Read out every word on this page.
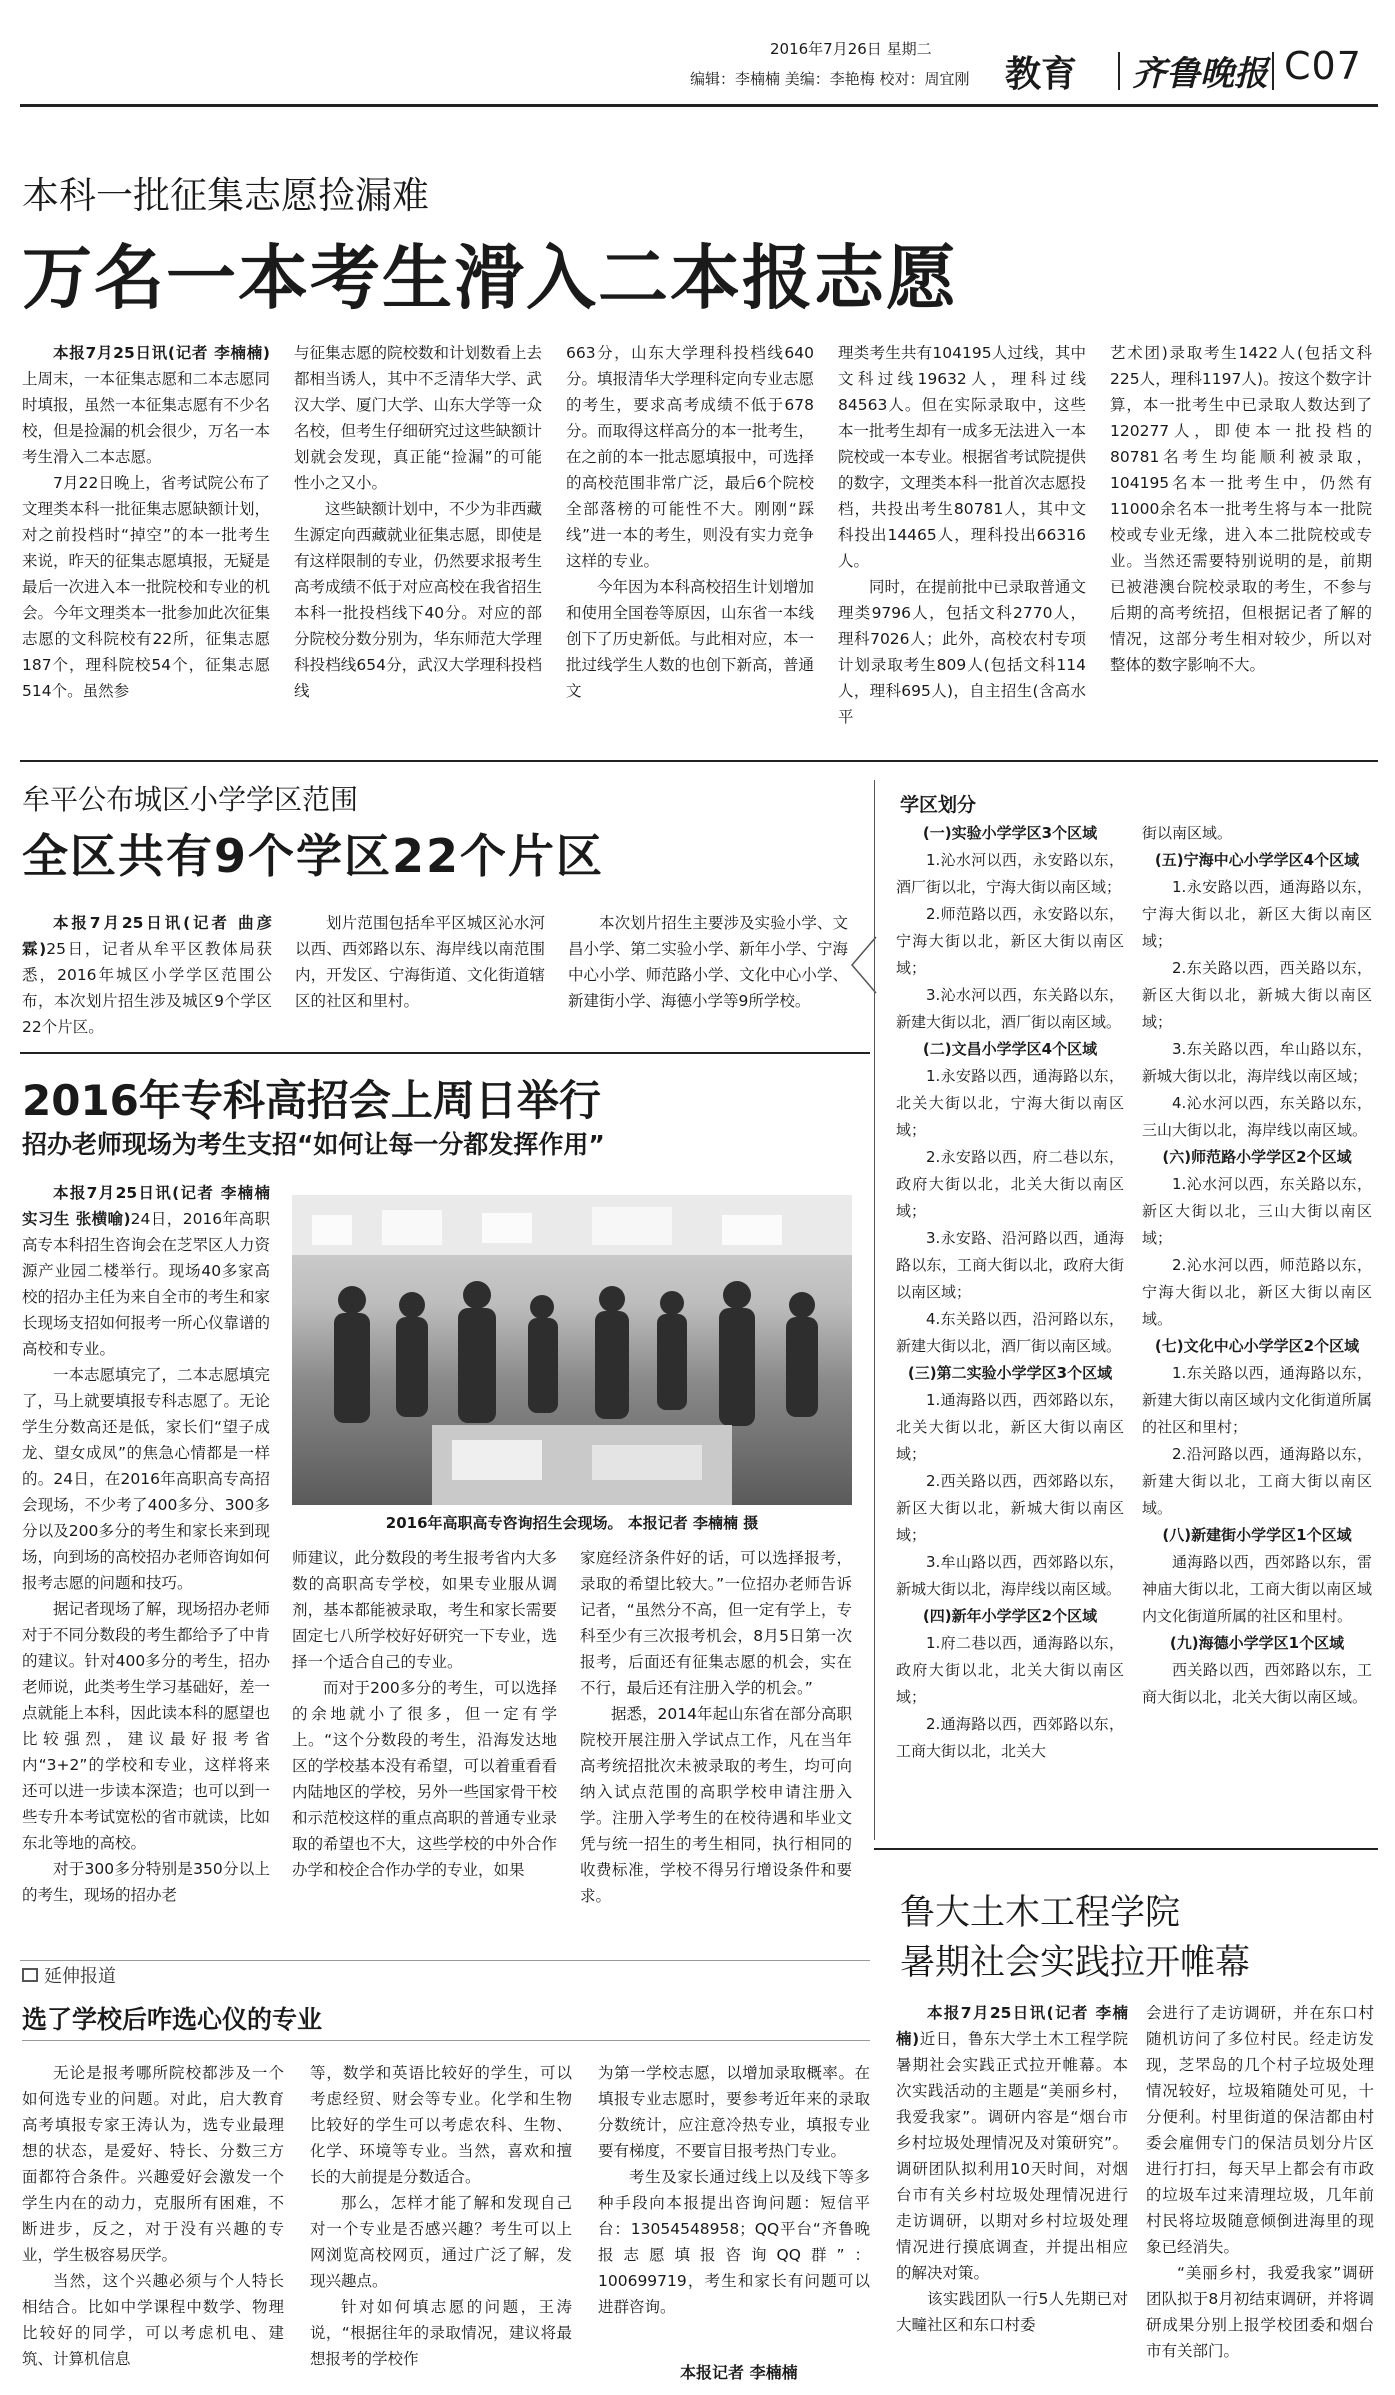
2016年7月26日 星期二
编辑：李楠楠 美编：李艳梅 校对：周宜刚 教育 齐鲁晚报 C07
本科一批征集志愿捡漏难
万名一本考生滑入二本报志愿

本报7月25日讯(记者 李楠楠)上周末，一本征集志愿和二本志愿同时填报，虽然一本征集志愿有不少名校，但是捡漏的机会很少，万名一本考生滑入二本志愿。

7月22日晚上，省考试院公布了文理类本科一批征集志愿缺额计划，对之前投档时“掉空”的本一批考生来说，昨天的征集志愿填报，无疑是最后一次进入本一批院校和专业的机会。今年文理类本一批参加此次征集志愿的文科院校有22所，征集志愿187个，理科院校54个，征集志愿514个。虽然参

与征集志愿的院校数和计划数看上去都相当诱人，其中不乏清华大学、武汉大学、厦门大学、山东大学等一众名校，但考生仔细研究过这些缺额计划就会发现，真正能“捡漏”的可能性小之又小。

这些缺额计划中，不少为非西藏生源定向西藏就业征集志愿，即使是有这样限制的专业，仍然要求报考生高考成绩不低于对应高校在我省招生本科一批投档线下40分。对应的部分院校分数分别为，华东师范大学理科投档线654分，武汉大学理科投档线

663分，山东大学理科投档线640分。填报清华大学理科定向专业志愿的考生，要求高考成绩不低于678分。而取得这样高分的本一批考生，在之前的本一批志愿填报中，可选择的高校范围非常广泛，最后6个院校全部落榜的可能性不大。刚刚“踩线”进一本的考生，则没有实力竞争这样的专业。

今年因为本科高校招生计划增加和使用全国卷等原因，山东省一本线创下了历史新低。与此相对应，本一批过线学生人数的也创下新高，普通文

理类考生共有104195人过线，其中文科过线19632人，理科过线84563人。但在实际录取中，这些本一批考生却有一成多无法进入一本院校或一本专业。根据省考试院提供的数字，文理类本科一批首次志愿投档，共投出考生80781人，其中文科投出14465人，理科投出66316人。

同时，在提前批中已录取普通文理类9796人，包括文科2770人，理科7026人；此外，高校农村专项计划录取考生809人(包括文科114人，理科695人)，自主招生(含高水平

艺术团)录取考生1422人(包括文科225人，理科1197人)。按这个数字计算，本一批考生中已录取人数达到了120277人，即使本一批投档的80781名考生均能顺利被录取，104195名本一批考生中，仍然有11000余名本一批考生将与本一批院校或专业无缘，进入本二批院校或专业。当然还需要特别说明的是，前期已被港澳台院校录取的考生，不参与后期的高考统招，但根据记者了解的情况，这部分考生相对较少，所以对整体的数字影响不大。

牟平公布城区小学学区范围
全区共有9个学区22个片区

本报7月25日讯(记者 曲彦霖)25日，记者从牟平区教体局获悉，2016年城区小学学区范围公布，本次划片招生涉及城区9个学区22个片区。

划片范围包括牟平区城区沁水河以西、西郊路以东、海岸线以南范围内，开发区、宁海街道、文化街道辖区的社区和里村。

本次划片招生主要涉及实验小学、文昌小学、第二实验小学、新年小学、宁海中心小学、师范路小学、文化中心小学、新建街小学、海德小学等9所学校。

学区划分

(一)实验小学学区3个区域

1.沁水河以西，永安路以东，酒厂街以北，宁海大街以南区域；

2.师范路以西，永安路以东，宁海大街以北，新区大街以南区域；

3.沁水河以西，东关路以东，新建大街以北，酒厂街以南区域。

(二)文昌小学学区4个区域

1.永安路以西，通海路以东，北关大街以北，宁海大街以南区域；

2.永安路以西，府二巷以东，政府大街以北，北关大街以南区域；

3.永安路、沿河路以西，通海路以东，工商大街以北，政府大街以南区域；

4.东关路以西，沿河路以东，新建大街以北，酒厂街以南区域。

(三)第二实验小学学区3个区域

1.通海路以西，西郊路以东，北关大街以北，新区大街以南区域；

2.西关路以西，西郊路以东，新区大街以北，新城大街以南区域；

3.牟山路以西，西郊路以东，新城大街以北，海岸线以南区域。

(四)新年小学学区2个区域

1.府二巷以西，通海路以东，政府大街以北，北关大街以南区域；

2.通海路以西，西郊路以东，工商大街以北，北关大

街以南区域。

(五)宁海中心小学学区4个区域

1.永安路以西，通海路以东，宁海大街以北，新区大街以南区域；

2.东关路以西，西关路以东，新区大街以北，新城大街以南区域；

3.东关路以西，牟山路以东，新城大街以北，海岸线以南区域；

4.沁水河以西，东关路以东，三山大街以北，海岸线以南区域。

(六)师范路小学学区2个区域

1.沁水河以西，东关路以东，新区大街以北，三山大街以南区域；

2.沁水河以西，师范路以东，宁海大街以北，新区大街以南区域。

(七)文化中心小学学区2个区域

1.东关路以西，通海路以东，新建大街以南区域内文化街道所属的社区和里村；

2.沿河路以西，通海路以东，新建大街以北，工商大街以南区域。

(八)新建街小学学区1个区域

通海路以西，西郊路以东，雷神庙大街以北，工商大街以南区域内文化街道所属的社区和里村。

(九)海德小学学区1个区域

西关路以西，西郊路以东，工商大街以北，北关大街以南区域。

2016年专科高招会上周日举行
招办老师现场为考生支招“如何让每一分都发挥作用”

本报7月25日讯(记者 李楠楠 实习生 张横喻)24日，2016年高职高专本科招生咨询会在芝罘区人力资源产业园二楼举行。现场40多家高校的招办主任为来自全市的考生和家长现场支招如何报考一所心仪靠谱的高校和专业。

一本志愿填完了，二本志愿填完了，马上就要填报专科志愿了。无论学生分数高还是低，家长们“望子成龙、望女成凤”的焦急心情都是一样的。24日，在2016年高职高专高招会现场，不少考了400多分、300多分以及200多分的考生和家长来到现场，向到场的高校招办老师咨询如何报考志愿的问题和技巧。

据记者现场了解，现场招办老师对于不同分数段的考生都给予了中肯的建议。针对400多分的考生，招办老师说，此类考生学习基础好，差一点就能上本科，因此读本科的愿望也比较强烈，建议最好报考省内“3+2”的学校和专业，这样将来还可以进一步读本深造；也可以到一些专升本考试宽松的省市就读，比如东北等地的高校。

对于300多分特别是350分以上的考生，现场的招办老

2016年高职高专咨询招生会现场。 本报记者 李楠楠 摄

师建议，此分数段的考生报考省内大多数的高职高专学校，如果专业服从调剂，基本都能被录取，考生和家长需要固定七八所学校好好研究一下专业，选择一个适合自己的专业。

而对于200多分的考生，可以选择的余地就小了很多，但一定有学上。“这个分数段的考生，沿海发达地区的学校基本没有希望，可以着重看看内陆地区的学校，另外一些国家骨干校和示范校这样的重点高职的普通专业录取的希望也不大，这些学校的中外合作办学和校企合作办学的专业，如果

家庭经济条件好的话，可以选择报考，录取的希望比较大。”一位招办老师告诉记者，“虽然分不高，但一定有学上，专科至少有三次报考机会，8月5日第一次报考，后面还有征集志愿的机会，实在不行，最后还有注册入学的机会。”

据悉，2014年起山东省在部分高职院校开展注册入学试点工作，凡在当年高考统招批次未被录取的考生，均可向纳入试点范围的高职学校申请注册入学。注册入学考生的在校待遇和毕业文凭与统一招生的考生相同，执行相同的收费标准，学校不得另行增设条件和要求。	鲁大土木工程学院
暑期社会实践拉开帷幕

本报7月25日讯(记者 李楠楠)近日，鲁东大学土木工程学院暑期社会实践正式拉开帷幕。本次实践活动的主题是“美丽乡村，我爱我家”。调研内容是“烟台市乡村垃圾处理情况及对策研究”。调研团队拟利用10天时间，对烟台市有关乡村垃圾处理情况进行走访调研，以期对乡村垃圾处理情况进行摸底调查，并提出相应的解决对策。

该实践团队一行5人先期已对大疃社区和东口村委

会进行了走访调研，并在东口村随机访问了多位村民。经走访发现，芝罘岛的几个村子垃圾处理情况较好，垃圾箱随处可见，十分便利。村里街道的保洁都由村委会雇佣专门的保洁员划分片区进行打扫，每天早上都会有市政的垃圾车过来清理垃圾，几年前村民将垃圾随意倾倒进海里的现象已经消失。

“美丽乡村，我爱我家”调研团队拟于8月初结束调研，并将调研成果分别上报学校团委和烟台市有关部门。

延伸报道
选了学校后咋选心仪的专业

无论是报考哪所院校都涉及一个如何选专业的问题。对此，启大教育高考填报专家王涛认为，选专业最理想的状态，是爱好、特长、分数三方面都符合条件。兴趣爱好会激发一个学生内在的动力，克服所有困难，不断进步，反之，对于没有兴趣的专业，学生极容易厌学。

当然，这个兴趣必须与个人特长相结合。比如中学课程中数学、物理比较好的同学，可以考虑机电、建筑、计算机信息

等，数学和英语比较好的学生，可以考虑经贸、财会等专业。化学和生物比较好的学生可以考虑农科、生物、化学、环境等专业。当然，喜欢和擅长的大前提是分数适合。

那么，怎样才能了解和发现自己对一个专业是否感兴趣？考生可以上网浏览高校网页，通过广泛了解，发现兴趣点。

针对如何填志愿的问题，王涛说，“根据往年的录取情况，建议将最想报考的学校作

为第一学校志愿，以增加录取概率。在填报专业志愿时，要参考近年来的录取分数统计，应注意冷热专业，填报专业要有梯度，不要盲目报考热门专业。

考生及家长通过线上以及线下等多种手段向本报提出咨询问题：短信平台：13054548958；QQ平台“齐鲁晚报志愿填报咨询QQ群”：100699719，考生和家长有问题可以进群咨询。

本报记者 李楠楠
